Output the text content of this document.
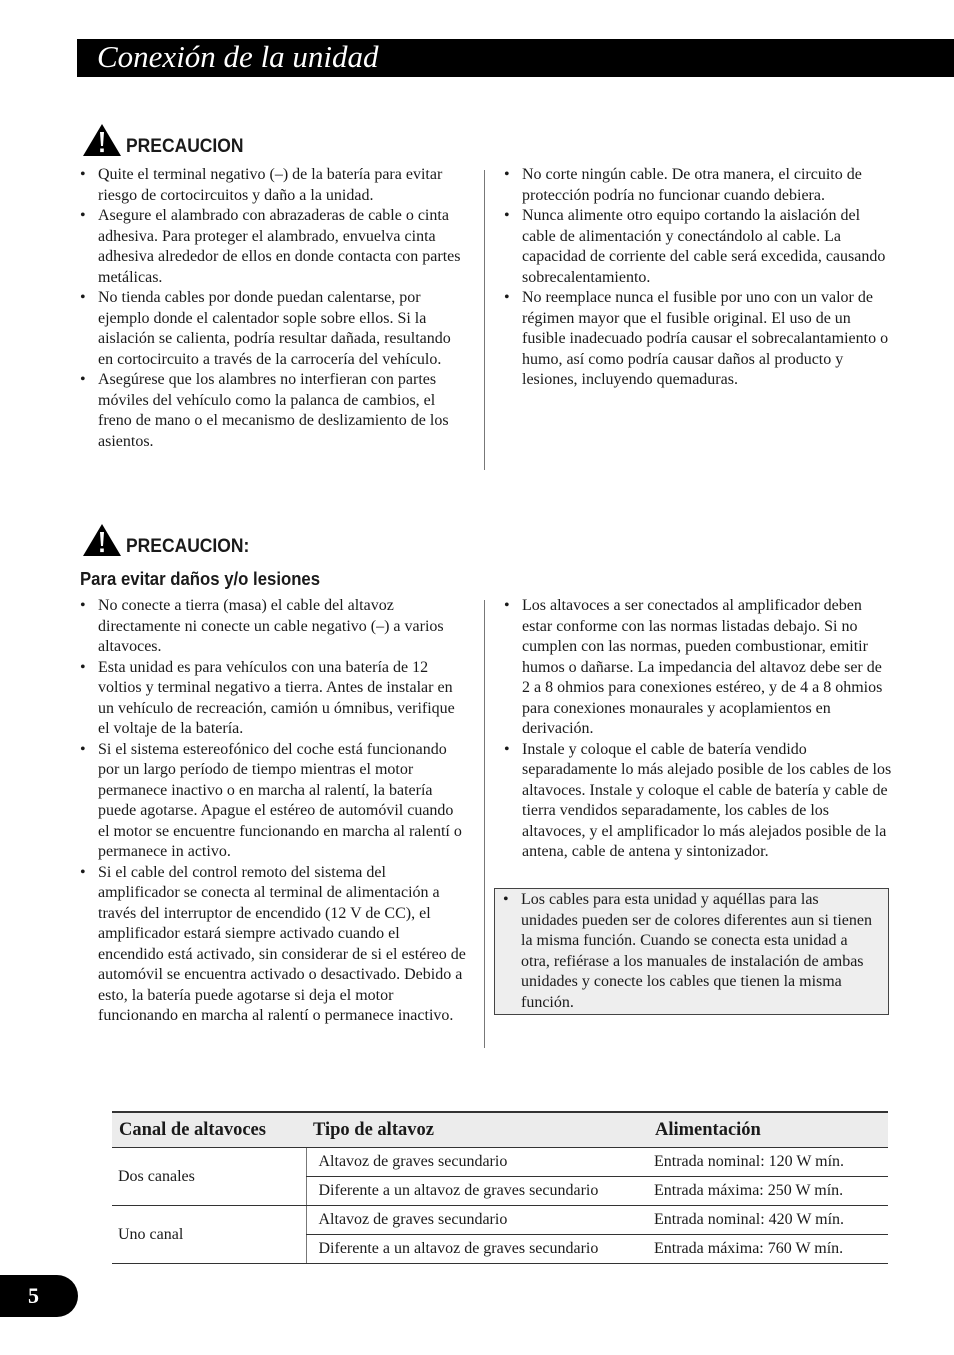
Conexión de la unidad
PRECAUCION
• Quite el terminal negativo (–) de la batería para evitar riesgo de cortocircuitos y daño a la unidad.
• Asegure el alambrado con abrazaderas de cable o cinta adhesiva. Para proteger el alambrado, envuelva cinta adhesiva alrededor de ellos en donde contacta con partes metálicas.
• No tienda cables por donde puedan calentarse, por ejemplo donde el calentador sople sobre ellos. Si la aislación se calienta, podría resultar dañada, resultando en cortocircuito a través de la carrocería del vehículo.
• Asegúrese que los alambres no interfieran con partes móviles del vehículo como la palanca de cambios, el freno de mano o el mecanismo de deslizamiento de los asientos.
• No corte ningún cable. De otra manera, el circuito de protección podría no funcionar cuando debiera.
• Nunca alimente otro equipo cortando la aislación del cable de alimentación y conectándolo al cable. La capacidad de corriente del cable será excedida, causando sobrecalentamiento.
• No reemplace nunca el fusible por uno con un valor de régimen mayor que el fusible original. El uso de un fusible inadecuado podría causar el sobrecalantamiento o humo, así como podría causar daños al producto y lesiones, incluyendo quemaduras.
PRECAUCION:
Para evitar daños y/o lesiones
• No conecte a tierra (masa) el cable del altavoz directamente ni conecte un cable negativo (–) a varios altavoces.
• Esta unidad es para vehículos con una batería de 12 voltios y terminal negativo a tierra. Antes de instalar en un vehículo de recreación, camión u ómnibus, verifique el voltaje de la batería.
• Si el sistema estereofónico del coche está funcionando por un largo período de tiempo mientras el motor permanece inactivo o en marcha al ralentí, la batería puede agotarse. Apague el estéreo de automóvil cuando el motor se encuentre funcionando en marcha al ralentí o permanece in activo.
• Si el cable del control remoto del sistema del amplificador se conecta al terminal de alimentación a través del interruptor de encendido (12 V de CC), el amplificador estará siempre activado cuando el encendido está activado, sin considerar de si el estéreo de automóvil se encuentra activado o desactivado. Debido a esto, la batería puede agotarse si deja el motor funcionando en marcha al ralentí o permanece inactivo.
• Los altavoces a ser conectados al amplificador deben estar conforme con las normas listadas debajo. Si no cumplen con las normas, pueden combustionar, emitir humos o dañarse. La impedancia del altavoz debe ser de 2 a 8 ohmios para conexiones estéreo, y de 4 a 8 ohmios para conexiones monaurales y acoplamientos en derivación.
• Instale y coloque el cable de batería vendido separadamente lo más alejado posible de los cables de los altavoces. Instale y coloque el cable de batería y cable de tierra vendidos separadamente, los cables de los altavoces, y el amplificador lo más alejados posible de la antena, cable de antena y sintonizador.
• Los cables para esta unidad y aquéllas para las unidades pueden ser de colores diferentes aun si tienen la misma función. Cuando se conecta esta unidad a otra, refiérase a los manuales de instalación de ambas unidades y conecte los cables que tienen la misma función.
Canal de altavoces	Tipo de altavoz	Alimentación
Dos canales	Altavoz de graves secundario	Entrada nominal: 120 W mín.
	Diferente a un altavoz de graves secundario	Entrada máxima: 250 W mín.
Uno canal	Altavoz de graves secundario	Entrada nominal: 420 W mín.
	Diferente a un altavoz de graves secundario	Entrada máxima: 760 W mín.
5
